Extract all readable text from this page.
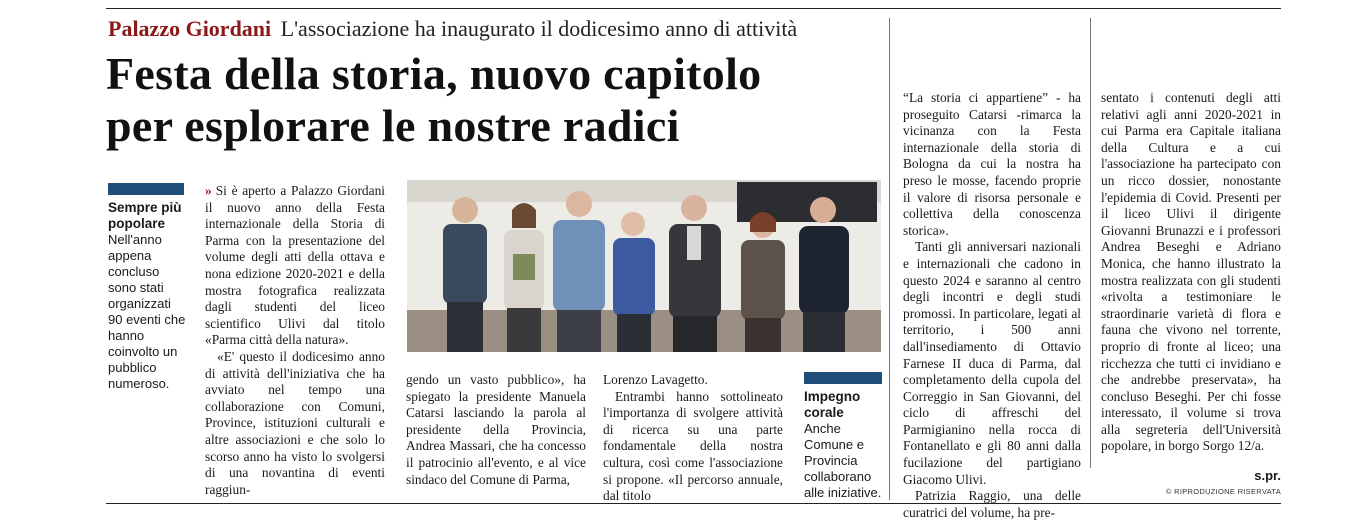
Palazzo Giordani L'associazione ha inaugurato il dodicesimo anno di attività
Festa della storia, nuovo capitolo
per esplorare le nostre radici

Sempre più popolare

Nell'anno appena concluso sono stati organizzati 90 eventi che hanno coinvolto un pubblico numeroso.

» Si è aperto a Palazzo Giordani il nuovo anno della Festa internazionale della Storia di Parma con la presentazione del volume degli atti della ottava e nona edizione 2020-2021 e della mostra fotografica realizzata dagli studenti del liceo scientifico Ulivi dal titolo «Parma città della natura».

«E' questo il dodicesimo anno di attività dell'iniziativa che ha avviato nel tempo una collaborazione con Comuni, Province, istituzioni culturali e altre associazioni e che solo lo scorso anno ha visto lo svolgersi di una novantina di eventi raggiun-

gendo un vasto pubblico», ha spiegato la presidente Manuela Catarsi lasciando la parola al presidente della Provincia, Andrea Massari, che ha concesso il patrocinio all'evento, e al vice sindaco del Comune di Parma,

Lorenzo Lavagetto.

Entrambi hanno sottolineato l'importanza di svolgere attività di ricerca su una parte fondamentale della nostra cultura, così come l'associazione si propone. «Il percorso annuale, dal titolo

Impegno corale

Anche Comune e Provincia collaborano alle iniziative.

“La storia ci appartiene” - ha proseguito Catarsi -rimarca la vicinanza con la Festa internazionale della storia di Bologna da cui la nostra ha preso le mosse, facendo proprie il valore di risorsa personale e collettiva della conoscenza storica».

Tanti gli anniversari nazionali e internazionali che cadono in questo 2024 e saranno al centro degli incontri e degli studi promossi. In particolare, legati al territorio, i 500 anni dall'insediamento di Ottavio Farnese II duca di Parma, dal completamento della cupola del Correggio in San Giovanni, del ciclo di affreschi del Parmigianino nella rocca di Fontanellato e gli 80 anni dalla fucilazione del partigiano Giacomo Ulivi.

Patrizia Raggio, una delle curatrici del volume, ha pre-

sentato i contenuti degli atti relativi agli anni 2020-2021 in cui Parma era Capitale italiana della Cultura e a cui l'associazione ha partecipato con un ricco dossier, nonostante l'epidemia di Covid. Presenti per il liceo Ulivi il dirigente Giovanni Brunazzi e i professori Andrea Beseghi e Adriano Monica, che hanno illustrato la mostra realizzata con gli studenti «rivolta a testimoniare le straordinarie varietà di flora e fauna che vivono nel torrente, proprio di fronte al liceo; una ricchezza che tutti ci invidiano e che andrebbe preservata», ha concluso Beseghi. Per chi fosse interessato, il volume si trova alla segreteria dell'Università popolare, in borgo Sorgo 12/a.

s.pr.
© RIPRODUZIONE RISERVATA
